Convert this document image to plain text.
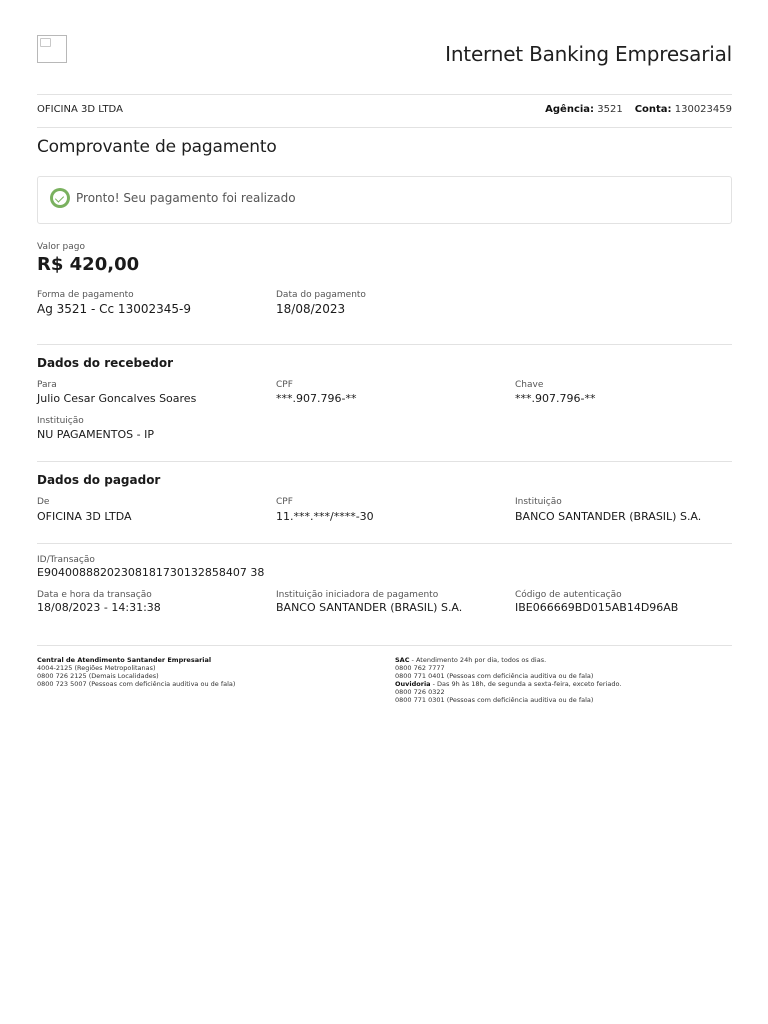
Internet Banking Empresarial
OFICINA 3D LTDA	Agência: 3521 Conta: 130023459
Comprovante de pagamento
Pronto! Seu pagamento foi realizado
Valor pago
R$ 420,00
Forma de pagamento
Ag 3521 - Cc 13002345-9
Data do pagamento
18/08/2023
Dados do recebedor
Para
Julio Cesar Goncalves Soares
CPF
***.907.796-**
Chave
***.907.796-**
Instituição
NU PAGAMENTOS - IP
Dados do pagador
De
OFICINA 3D LTDA
CPF
11.***.***/****-30
Instituição
BANCO SANTANDER (BRASIL) S.A.
ID/Transação
E90400888202308181730132858407 38
Data e hora da transação
18/08/2023 - 14:31:38
Instituição iniciadora de pagamento
BANCO SANTANDER (BRASIL) S.A.
Código de autenticação
IBE066669BD015AB14D96AB
Central de Atendimento Santander Empresarial
4004-2125 (Regiões Metropolitanas)
0800 726 2125 (Demais Localidades)
0800 723 5007 (Pessoas com deficiência auditiva ou de fala)
SAC - Atendimento 24h por dia, todos os dias.
0800 762 7777
0800 771 0401 (Pessoas com deficiência auditiva ou de fala)
Ouvidoria - Das 9h às 18h, de segunda a sexta-feira, exceto feriado.
0800 726 0322
0800 771 0301 (Pessoas com deficiência auditiva ou de fala)
